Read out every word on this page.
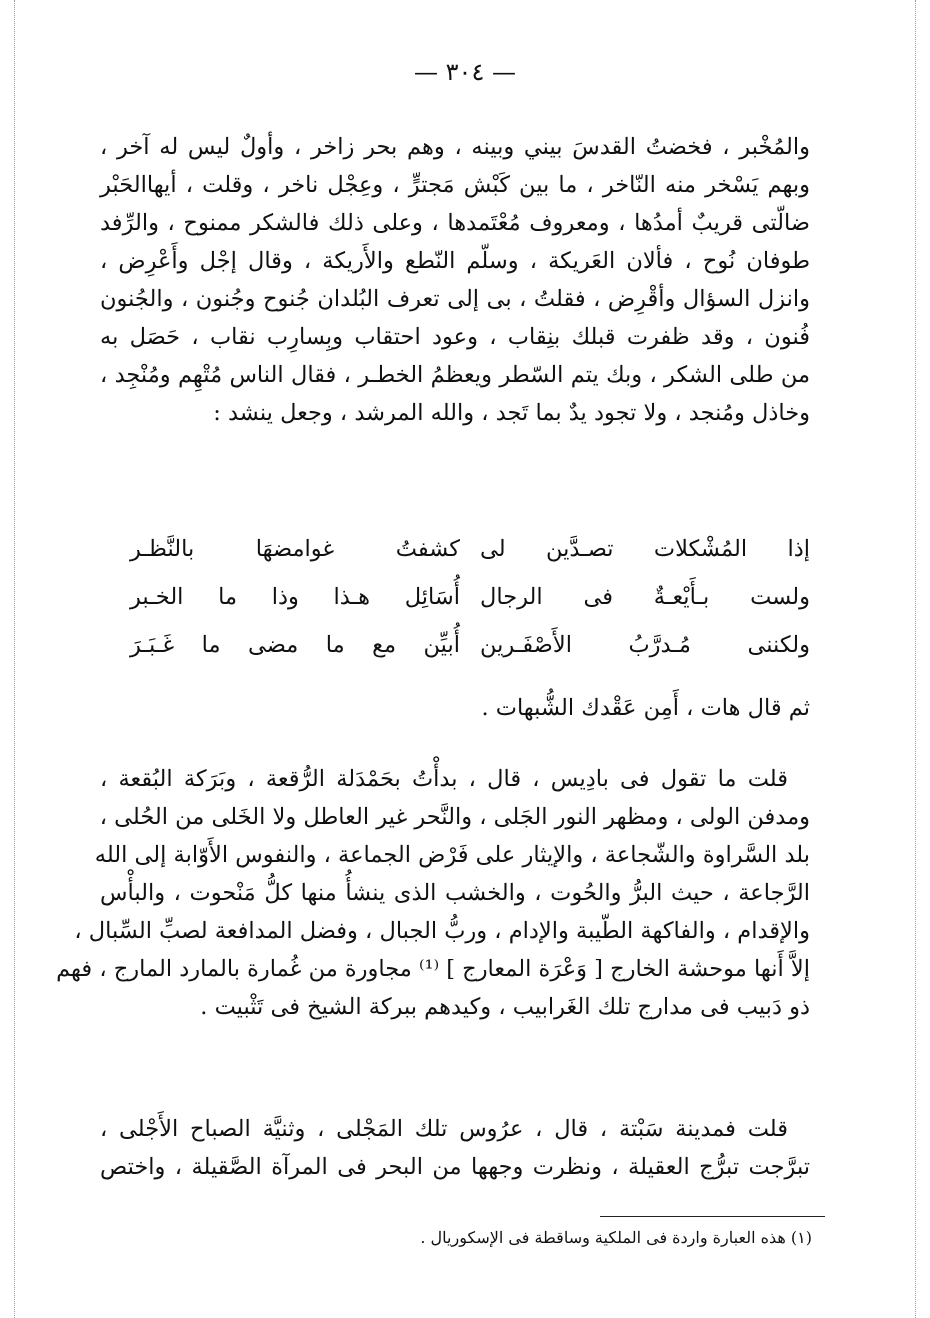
— ٣٠٤ —
والمُخْبر ، فخضتُ القدسَ بيني وبينه ، وهم بحر زاخر ، وأولٌ ليس له آخر ،
وبهم يَسْخر منه النّاخر ، ما بين كَبْش مَجترٍّ ، وعِجْل ناخر ، وقلت ، أيهاالحَبْر
ضالّتى قريبٌ أمدُها ، ومعروف مُعْتَمدها ، وعلى ذلك فالشكر ممنوح ، والرِّفد
طوفان نُوح ، فألان العَريكة ، وسلّم النّطع والأَريكة ، وقال إجْل وأَعْرِض ،
وانزل السؤال وأقْرِض ، فقلتُ ، بى إلى تعرف البُلدان جُنوح وجُنون ، والجُنون
فُنون ، وقد ظفرت قبلك بنِقاب ، وعود احتقاب وبِسارِب نقاب ، حَصَل به
من طلى الشكر ، وبك يتم السّطر ويعظمُ الخطـر ، فقال الناس مُتْهِم ومُنْجِد ،
وخاذل ومُنجد ، ولا تجود يدٌ بما تَجد ، والله المرشد ، وجعل ينشد :
إذا المُشْكلات تصـدَّين لى
كشفتُ غوامضهَا بالنَّظـر
ولست بـأَيْعـةٌ فى الرجال
أُسَائِل هـذا وذا ما الخـبر
ولكننى مُـدرَّبُ الأَصْفَـرين
أُبيِّن مع ما مضى ما غَـبَـرَ
ثم قال هات ، أَمِن عَقْدك الشُّبهات .
قلت ما تقول فى بادِيس ، قال ، بدأْتُ بحَمْدَلة الرُّقعة ، وبَرَكة البُقعة ،
ومدفن الولى ، ومظهر النور الجَلى ، والنَّحر غير العاطل ولا الخَلى من الحُلى ،
بلد السَّراوة والشّجاعة ، والإيثار على فَرْض الجماعة ، والنفوس الأَوّابة إلى الله
الرَّجاعة ، حيث البرُّ والحُوت ، والخشب الذى ينشأُ منها كلُّ مَنْحوت ، والبأْس
والإقدام ، والفاكهة الطّيبة والإدام ، وربُّ الجبال ، وفضل المدافعة لصبِّ السِّبال ،
إلاَّ أَنها موحشة الخارج [ وَعْرَة المعارج ] ⁽¹⁾ مجاورة من غُمارة بالمارد المارج ، فهم
ذو دَبيب فى مدارج تلك الغَرابيب ، وكيدهم ببركة الشيخ فى تَثْبيت .
قلت فمدينة سَبْتة ، قال ، عرُوس تلك المَجْلى ، وثنيَّة الصباح الأَجْلى ،
تبرَّجت تبرُّج العقيلة ، ونظرت وجهها من البحر فى المرآة الصَّقيلة ، واختص
(١) هذه العبارة واردة فى الملكية وساقطة فى الإسكوريال .
